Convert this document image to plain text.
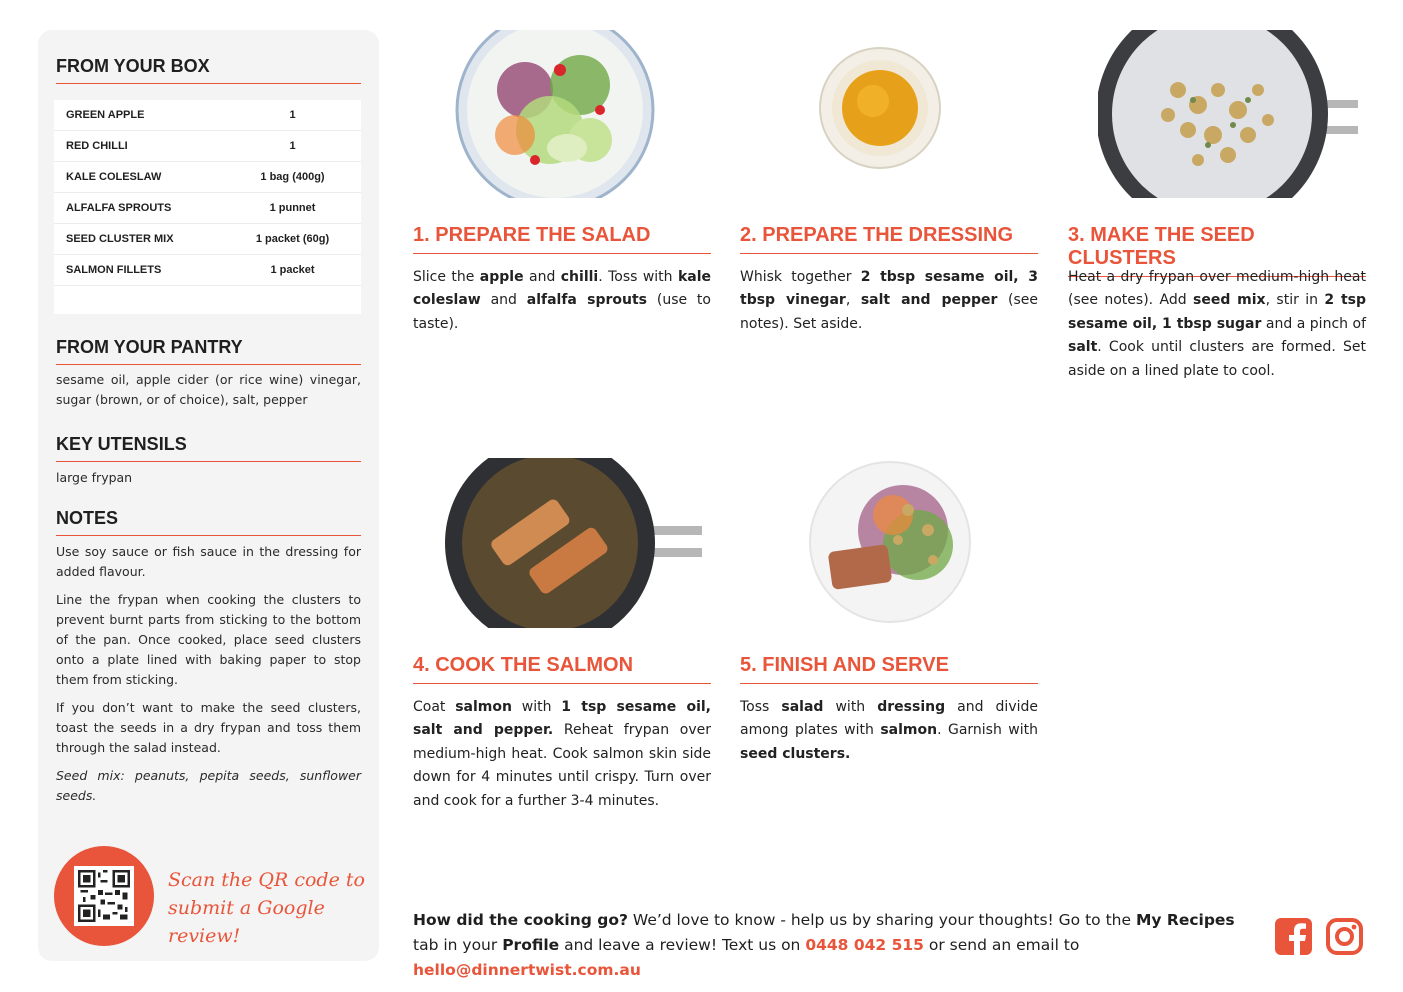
FROM YOUR BOX
GREEN APPLE	1
RED CHILLI	1
KALE COLESLAW	1 bag (400g)
ALFALFA SPROUTS	1 punnet
SEED CLUSTER MIX	1 packet (60g)
SALMON FILLETS	1 packet
FROM YOUR PANTRY
sesame oil, apple cider (or rice wine) vinegar, sugar (brown, or of choice), salt, pepper
KEY UTENSILS
large frypan
NOTES

Use soy sauce or fish sauce in the dressing for added flavour.

Line the frypan when cooking the clusters to prevent burnt parts from sticking to the bottom of the pan. Once cooked, place seed clusters onto a plate lined with baking paper to stop them from sticking.

If you don’t want to make the seed clusters, toast the seeds in a dry frypan and toss them through the salad instead.

Seed mix: peanuts, pepita seeds, sunflower seeds.

Scan the QR code to
submit a Google review!
1. PREPARE THE SALAD
Slice the apple and chilli. Toss with kale coleslaw and alfalfa sprouts (use to taste).
2. PREPARE THE DRESSING
Whisk together 2 tbsp sesame oil, 3 tbsp vinegar, salt and pepper (see notes). Set aside.
3. MAKE THE SEED CLUSTERS
Heat a dry frypan over medium-high heat (see notes). Add seed mix, stir in 2 tsp sesame oil, 1 tbsp sugar and a pinch of salt. Cook until clusters are formed. Set aside on a lined plate to cool.
4. COOK THE SALMON
Coat salmon with 1 tsp sesame oil, salt and pepper. Reheat frypan over medium-high heat. Cook salmon skin side down for 4 minutes until crispy. Turn over and cook for a further 3-4 minutes.
5. FINISH AND SERVE
Toss salad with dressing and divide among plates with salmon. Garnish with seed clusters.
How did the cooking go? We’d love to know - help us by sharing your thoughts! Go to the My Recipes tab in your Profile and leave a review! Text us on 0448 042 515 or send an email to hello@dinnertwist.com.au
